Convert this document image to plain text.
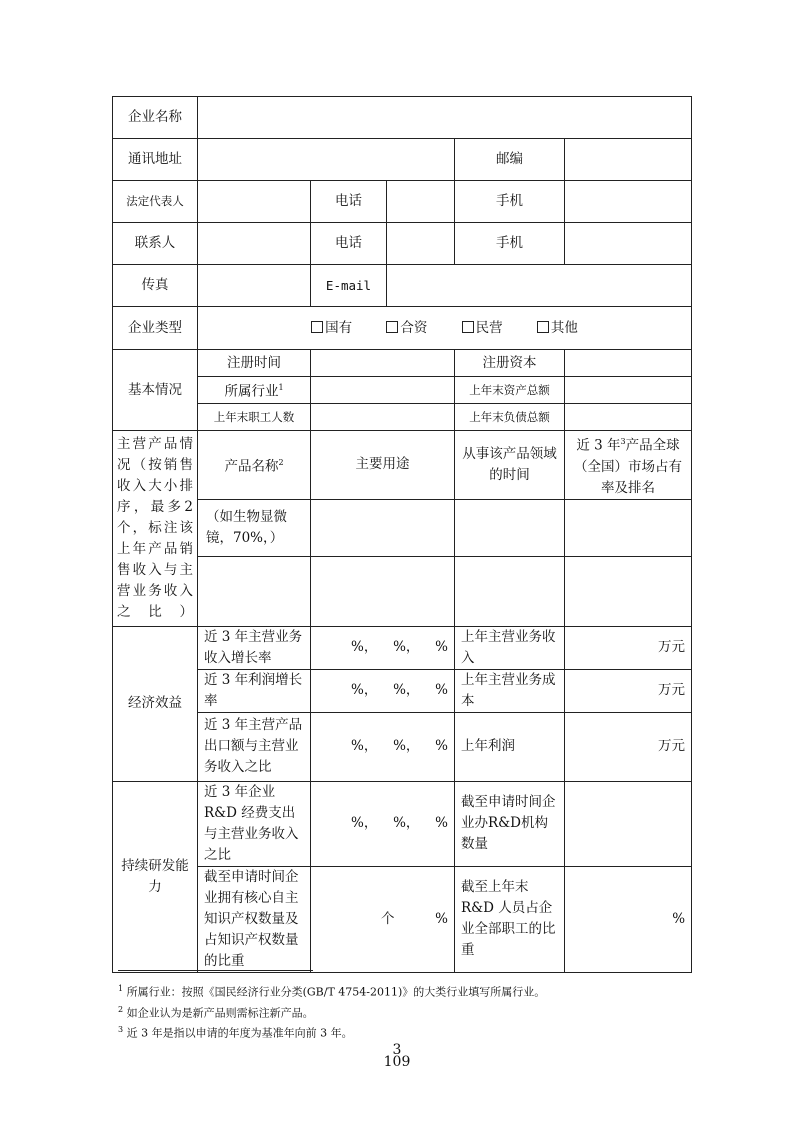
企业名称					
通讯地址				邮编	
法定代表人		电话		手机	
联系人		电话		手机	
传真		E-mail			
企业类型	国有 合资 民营 其他				

基本情况	注册时间			注册资本	
	所属行业$^1$			上年末资产总额	
	上年末职工人数			上年末负债总额	
主营产品情况（按销售收入大小排序，最多2个，标注该上年产品销售收入与主营业务收入之比）	产品名称$^2$	主要用途		从事该产品领域的时间	近 3 年$^3$产品全球（全国）市场占有率及排名
	（如生物显微镜，70%，）				

经济效益	近 3 年主营业务收入增长率	%， %， %		上年主营业务收入	万元
	近 3 年利润增长率	%， %， %		上年主营业务成本	万元
	近 3 年主营产品出口额与主营业务收入之比	%， %， %		上年利润	万元
持续研发能力	近 3 年企业 R&D 经费支出与主营业务收入之比	%， %， %		截至申请时间企业办R&D机构数量	
	截至申请时间企业拥有核心自主知识产权数量及占知识产权数量的比重	个 %		截至上年末 R&D 人员占企业全部职工的比重	%
$^1$ 所属行业：按照《国民经济行业分类(GB/T 4754-2011)》的大类行业填写所属行业。
$^2$ 如企业认为是新产品则需标注新产品。
$^3$ 近 3 年是指以申请的年度为基准年向前 3 年。
3
109
